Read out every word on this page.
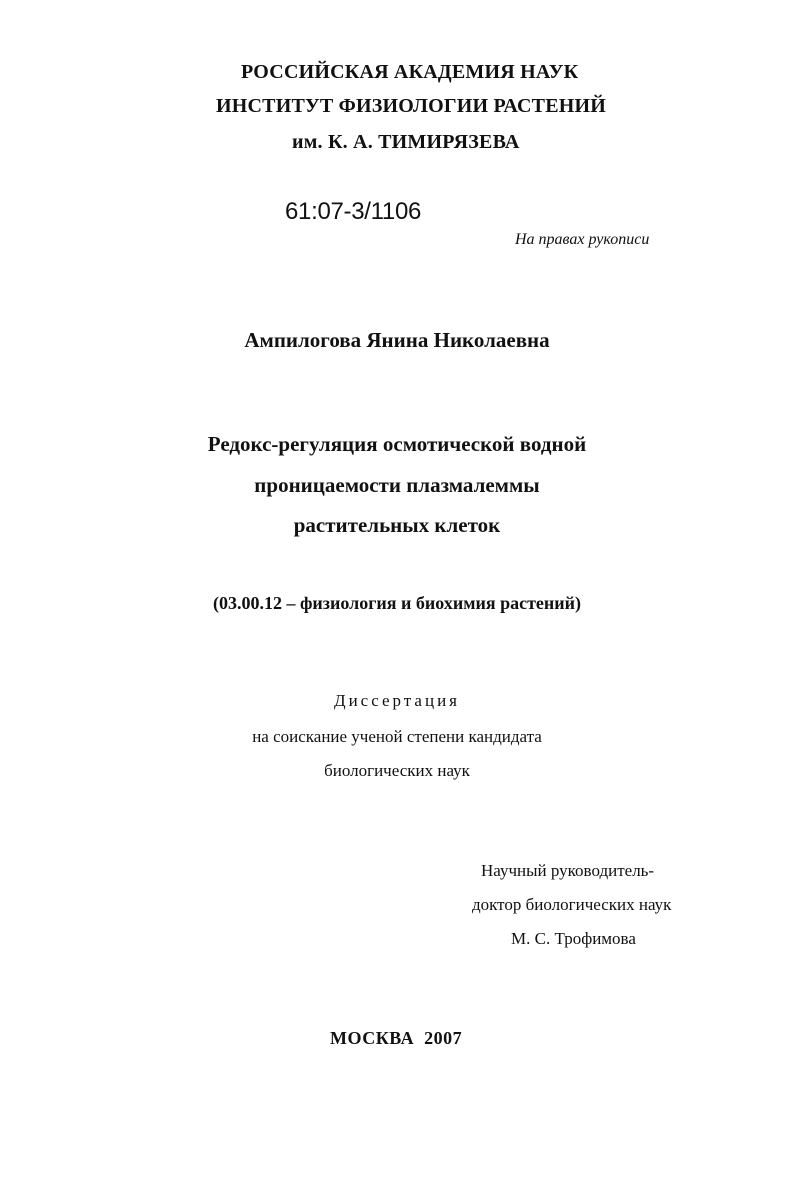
РОССИЙСКАЯ АКАДЕМИЯ НАУК
ИНСТИТУТ ФИЗИОЛОГИИ РАСТЕНИЙ
им. К. А. ТИМИРЯЗЕВА
61:07-3/1106
На правах рукописи
Ампилогова Янина Николаевна
Редокс-регуляция осмотической водной
проницаемости плазмалеммы
растительных клеток
(03.00.12 – физиология и биохимия растений)
Диссертация
на соискание ученой степени кандидата
биологических наук
Научный руководитель-
доктор биологических наук
М. С. Трофимова
МОСКВА 2007
